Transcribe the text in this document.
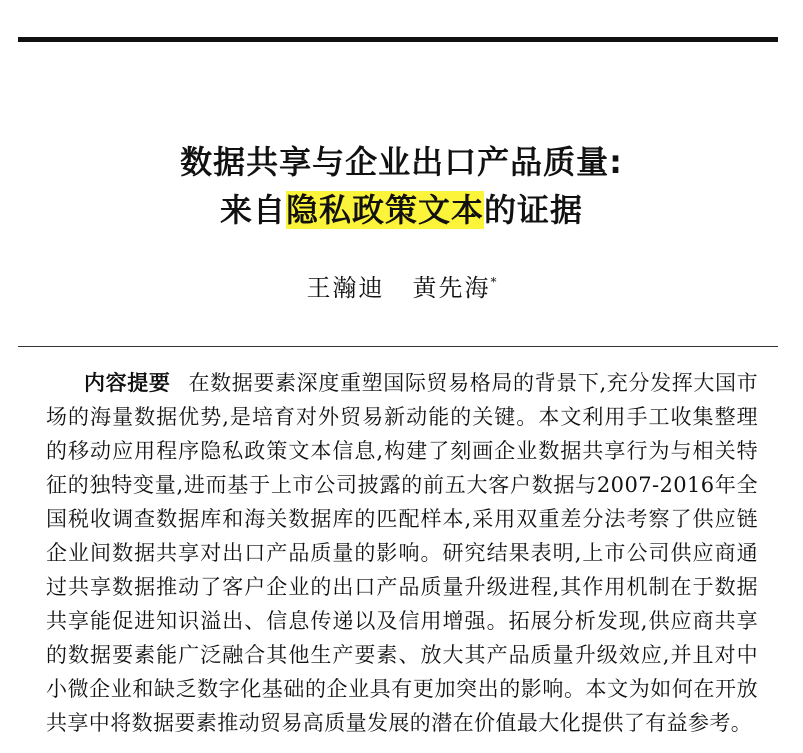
数据共享与企业出口产品质量:
来自隐私政策文本的证据
王瀚迪 黄先海*

内容提要 在数据要素深度重塑国际贸易格局的背景下,充分发挥大国市场的海量数据优势,是培育对外贸易新动能的关键。本文利用手工收集整理的移动应用程序隐私政策文本信息,构建了刻画企业数据共享行为与相关特征的独特变量,进而基于上市公司披露的前五大客户数据与2007-2016年全国税收调查数据库和海关数据库的匹配样本,采用双重差分法考察了供应链企业间数据共享对出口产品质量的影响。研究结果表明,上市公司供应商通过共享数据推动了客户企业的出口产品质量升级进程,其作用机制在于数据共享能促进知识溢出、信息传递以及信用增强。拓展分析发现,供应商共享的数据要素能广泛融合其他生产要素、放大其产品质量升级效应,并且对中小微企业和缺乏数字化基础的企业具有更加突出的影响。本文为如何在开放共享中将数据要素推动贸易高质量发展的潜在价值最大化提供了有益参考。
